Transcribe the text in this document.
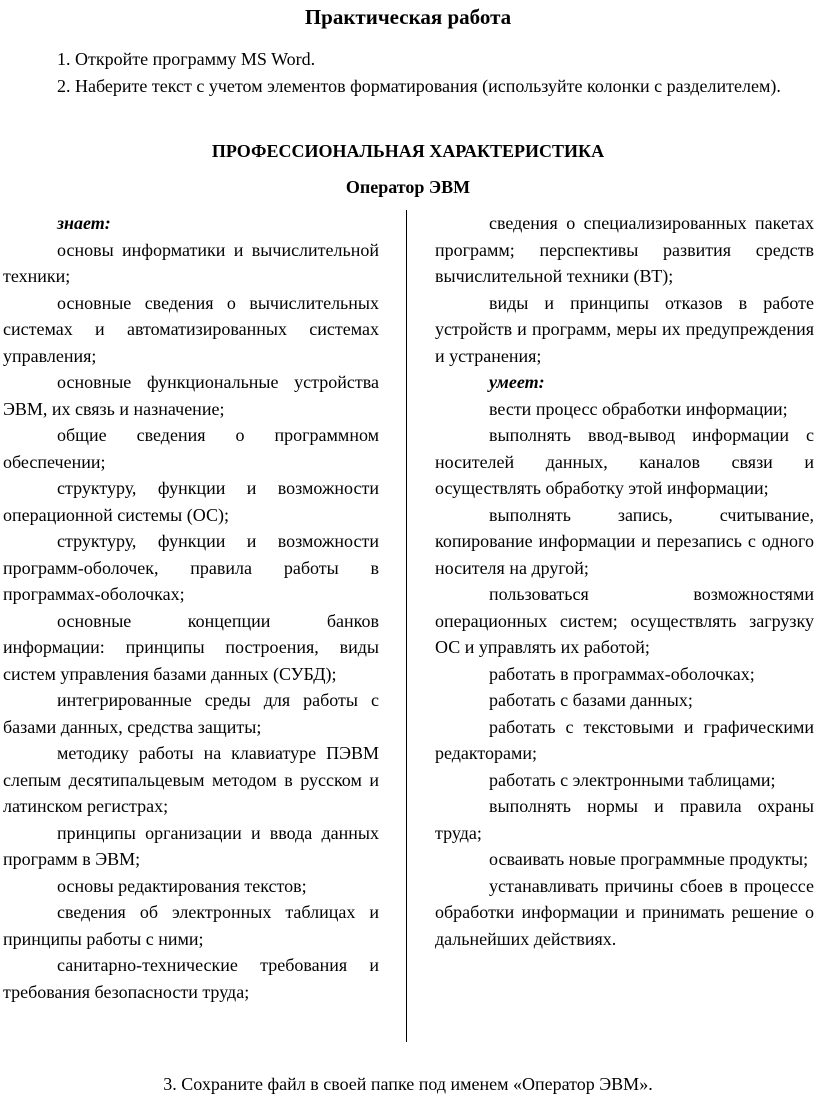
Практическая работа

1. Откройте программу MS Word.

2. Наберите текст с учетом элементов форматирования (используйте колонки с разделителем).

ПРОФЕССИОНАЛЬНАЯ ХАРАКТЕРИСТИКА
Оператор ЭВМ

знает:

основы информатики и вычислительной техники;

основные сведения о вычислительных системах и автоматизированных системах управления;

основные функциональные устройства ЭВМ, их связь и назначение;

общие сведения о программном обеспечении;

структуру, функции и возможности операционной системы (ОС);

структуру, функции и возможности программ-оболочек, правила работы в программах-оболочках;

основные концепции банков информации: принципы построения, виды систем управления базами данных (СУБД);

интегрированные среды для работы с базами данных, средства защиты;

методику работы на клавиатуре ПЭВМ слепым десятипальцевым методом в русском и латинском регистрах;

принципы организации и ввода данных программ в ЭВМ;

основы редактирования текстов;

сведения об электронных таблицах и принципы работы с ними;

санитарно-технические требования и требования безопасности труда;

сведения о специализированных пакетах программ; перспективы развития средств вычислительной техники (ВТ);

виды и принципы отказов в работе устройств и программ, меры их предупреждения и устранения;

умеет:

вести процесс обработки информации;

выполнять ввод-вывод информации с носителей данных, каналов связи и осуществлять обработку этой информации;

выполнять запись, считывание, копирование информации и перезапись с одного носителя на другой;

пользоваться возможностями операционных систем; осуществлять загрузку ОС и управлять их работой;

работать в программах-оболочках;

работать с базами данных;

работать с текстовыми и графическими редакторами;

работать с электронными таблицами;

выполнять нормы и правила охраны труда;

осваивать новые программные продукты;

устанавливать причины сбоев в процессе обработки информации и принимать решение о дальнейших действиях.

3. Сохраните файл в своей папке под именем «Оператор ЭВМ».
